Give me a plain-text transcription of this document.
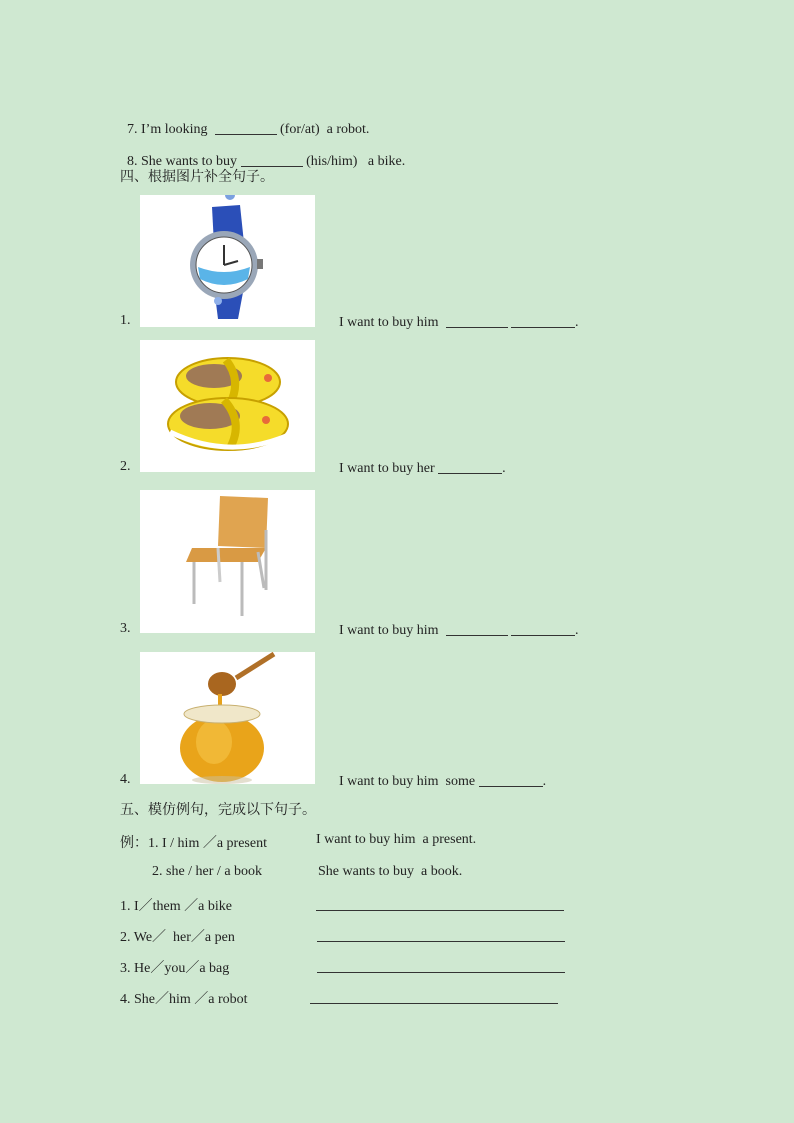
7. I’m looking	(for/at)  a robot.

8. She wants to buy	(his/him)   a bike.

四、根据图片补全句子。
1.	I want to buy him	.
2.	I want to buy her	.
3.	I want to buy him	.
4.	I want to buy him  some	.
五、模仿例句，完成以下句子。
例：1. I / him ／a present	I want to buy him  a present.
2. she / her / a book	She wants to buy  a book.
1. I／them ／a bike
2. We／  her／a pen
3. He／you／a bag
4. She／him ／a robot
